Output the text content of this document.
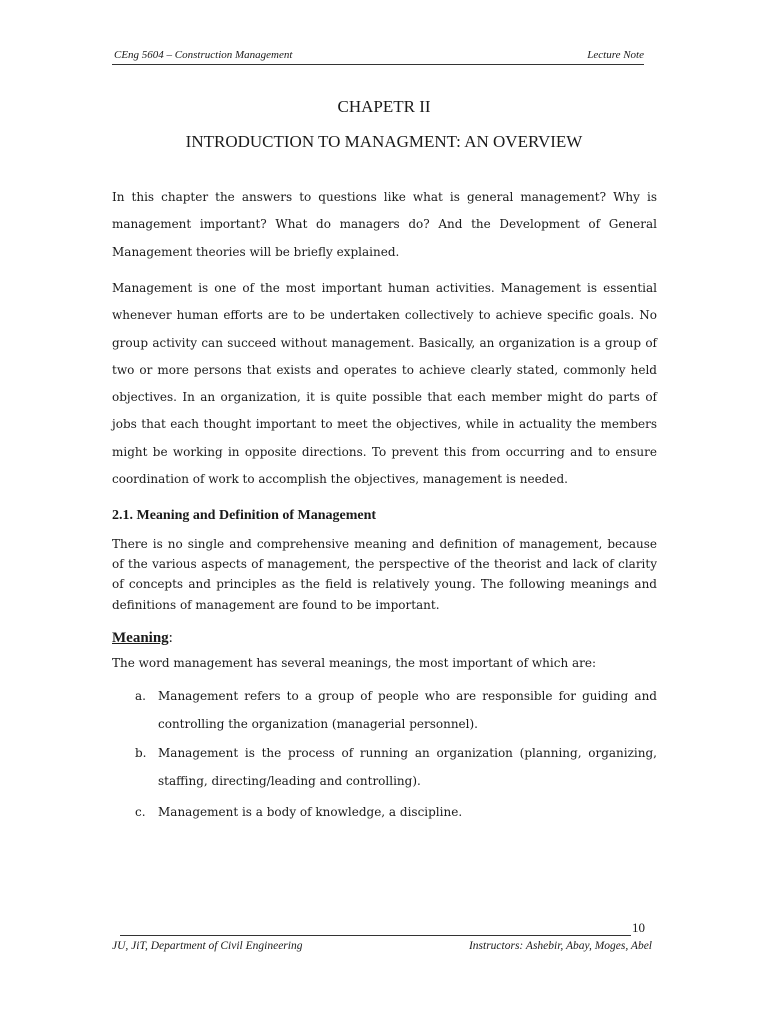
CEng 5604 – Construction Management	Lecture Note
CHAPETR II
INTRODUCTION TO MANAGMENT: AN OVERVIEW

In this chapter the answers to questions like what is general management? Why is management important? What do managers do? And the Development of General Management theories will be briefly explained.

Management is one of the most important human activities. Management is essential whenever human efforts are to be undertaken collectively to achieve specific goals. No group activity can succeed without management. Basically, an organization is a group of two or more persons that exists and operates to achieve clearly stated, commonly held objectives. In an organization, it is quite possible that each member might do parts of jobs that each thought important to meet the objectives, while in actuality the members might be working in opposite directions. To prevent this from occurring and to ensure coordination of work to accomplish the objectives, management is needed.

2.1. Meaning and Definition of Management

There is no single and comprehensive meaning and definition of management, because of the various aspects of management, the perspective of the theorist and lack of clarity of concepts and principles as the field is relatively young. The following meanings and definitions of management are found to be important.

Meaning:

The word management has several meanings, the most important of which are:

a. Management refers to a group of people who are responsible for guiding and controlling the organization (managerial personnel).
b. Management is the process of running an organization (planning, organizing, staffing, directing/leading and controlling).
c. Management is a body of knowledge, a discipline.
10
JU, JiT, Department of Civil Engineering	Instructors: Ashebir, Abay, Moges, Abel
